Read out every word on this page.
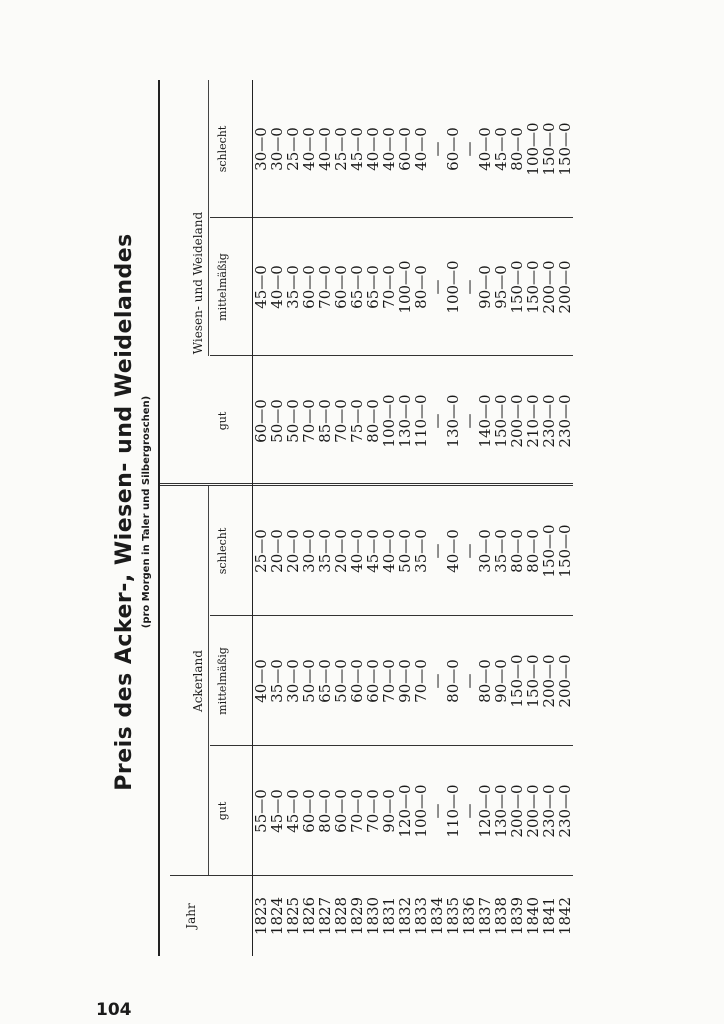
Preis des Acker-, Wiesen- und Weidelandes (pro Morgen in Taler und Silbergroschen)
Jahr
Ackerland
Wiesen- und Weideland
gut
mittelmäßig
schlecht
gut
mittelmäßig
schlecht
1823
55—0
40—0
25—0
60—0
45—0
30—0
1824
45—0
35—0
20—0
50—0
40—0
30—0
1825
45—0
30—0
20—0
50—0
35—0
25—0
1826
60—0
50—0
30—0
70—0
60—0
40—0
1827
80—0
65—0
35—0
85—0
70—0
40—0
1828
60—0
50—0
20—0
70—0
60—0
25—0
1829
70—0
60—0
40—0
75—0
65—0
45—0
1830
70—0
60—0
45—0
80—0
65—0
40—0
1831
90—0
70—0
40—0
100—0
70—0
40—0
1832
120—0
90—0
50—0
130—0
100—0
60—0
1833
100—0
70—0
35—0
110—0
80—0
40—0
1834
—
—
—
—
—
—
1835
110—0
80—0
40—0
130—0
100—0
60—0
1836
—
—
—
—
—
—
1837
120—0
80—0
30—0
140—0
90—0
40—0
1838
130—0
90—0
35—0
150—0
95—0
45—0
1839
200—0
150—0
80—0
200—0
150—0
80—0
1840
200—0
150—0
80—0
210—0
150—0
100—0
1841
230—0
200—0
150—0
230—0
200—0
150—0
1842
230—0
200—0
150—0
230—0
200—0
150—0
104
